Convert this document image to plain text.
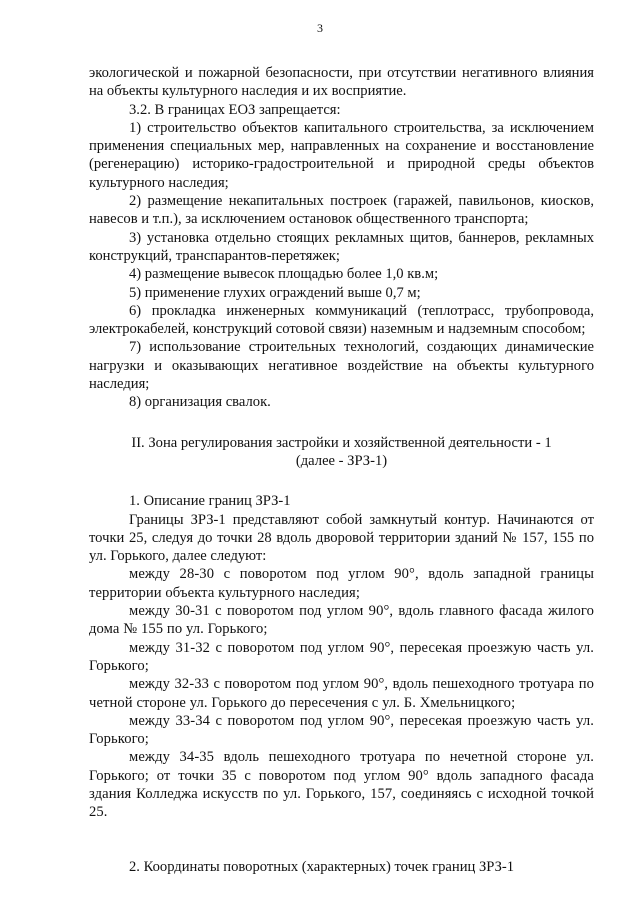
3

экологической и пожарной безопасности, при отсутствии негативного влияния на объекты культурного наследия и их восприятие.

3.2. В границах ЕОЗ запрещается:

1) строительство объектов капитального строительства, за исключением применения специальных мер, направленных на сохранение и восстановление (регенерацию) историко-градостроительной и природной среды объектов культурного наследия;

2) размещение некапитальных построек (гаражей, павильонов, киосков, навесов и т.п.), за исключением остановок общественного транспорта;

3) установка отдельно стоящих рекламных щитов, баннеров, рекламных конструкций, транспарантов-перетяжек;

4) размещение вывесок площадью более 1,0 кв.м;

5) применение глухих ограждений выше 0,7 м;

6) прокладка инженерных коммуникаций (теплотрасс, трубопровода, электрокабелей, конструкций сотовой связи) наземным и надземным способом;

7) использование строительных технологий, создающих динамические нагрузки и оказывающих негативное воздействие на объекты культурного наследия;

8) организация свалок.

II. Зона регулирования застройки и хозяйственной деятельности - 1

(далее - ЗРЗ-1)

1. Описание границ ЗРЗ-1

Границы ЗРЗ-1 представляют собой замкнутый контур. Начинаются от точки 25, следуя до точки 28 вдоль дворовой территории зданий № 157, 155 по ул. Горького, далее следуют:

между 28-30 с поворотом под углом 90°, вдоль западной границы территории объекта культурного наследия;

между 30-31 с поворотом под углом 90°, вдоль главного фасада жилого дома № 155 по ул. Горького;

между 31-32 с поворотом под углом 90°, пересекая проезжую часть ул. Горького;

между 32-33 с поворотом под углом 90°, вдоль пешеходного тротуара по четной стороне ул. Горького до пересечения с ул. Б. Хмельницкого;

между 33-34 с поворотом под углом 90°, пересекая проезжую часть ул. Горького;

между 34-35 вдоль пешеходного тротуара по нечетной стороне ул. Горького; от точки 35 с поворотом под углом 90° вдоль западного фасада здания Колледжа искусств по ул. Горького, 157, соединяясь с исходной точкой 25.

2. Координаты поворотных (характерных) точек границ ЗРЗ-1
